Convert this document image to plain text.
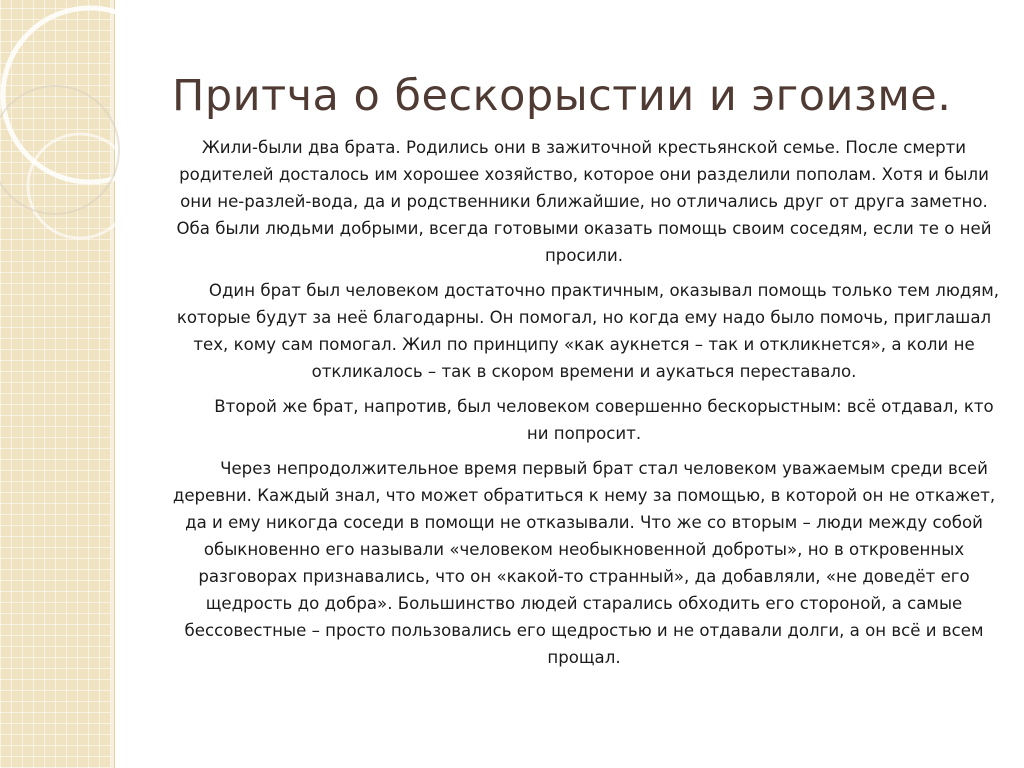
Притча о бескорыстии и эгоизме.

Жили-были два брата. Родились они в зажиточной крестьянской семье. После смерти родителей досталось им хорошее хозяйство, которое они разделили пополам. Хотя и были они не-разлей-вода, да и родственники ближайшие, но отличались друг от друга заметно. Оба были людьми добрыми, всегда готовыми оказать помощь своим соседям, если те о ней просили.

Один брат был человеком достаточно практичным, оказывал помощь только тем людям, которые будут за неё благодарны. Он помогал, но когда ему надо было помочь, приглашал тех, кому сам помогал. Жил по принципу «как аукнется – так и откликнется», а коли не откликалось – так в скором времени и аукаться переставало.

Второй же брат, напротив, был человеком совершенно бескорыстным: всё отдавал, кто ни попросит.

Через непродолжительное время первый брат стал человеком уважаемым среди всей деревни. Каждый знал, что может обратиться к нему за помощью, в которой он не откажет, да и ему никогда соседи в помощи не отказывали. Что же со вторым – люди между собой обыкновенно его называли «человеком необыкновенной доброты», но в откровенных разговорах признавались, что он «какой-то странный», да добавляли, «не доведёт его щедрость до добра». Большинство людей старались обходить его стороной, а самые бессовестные – просто пользовались его щедростью и не отдавали долги, а он всё и всем прощал.
